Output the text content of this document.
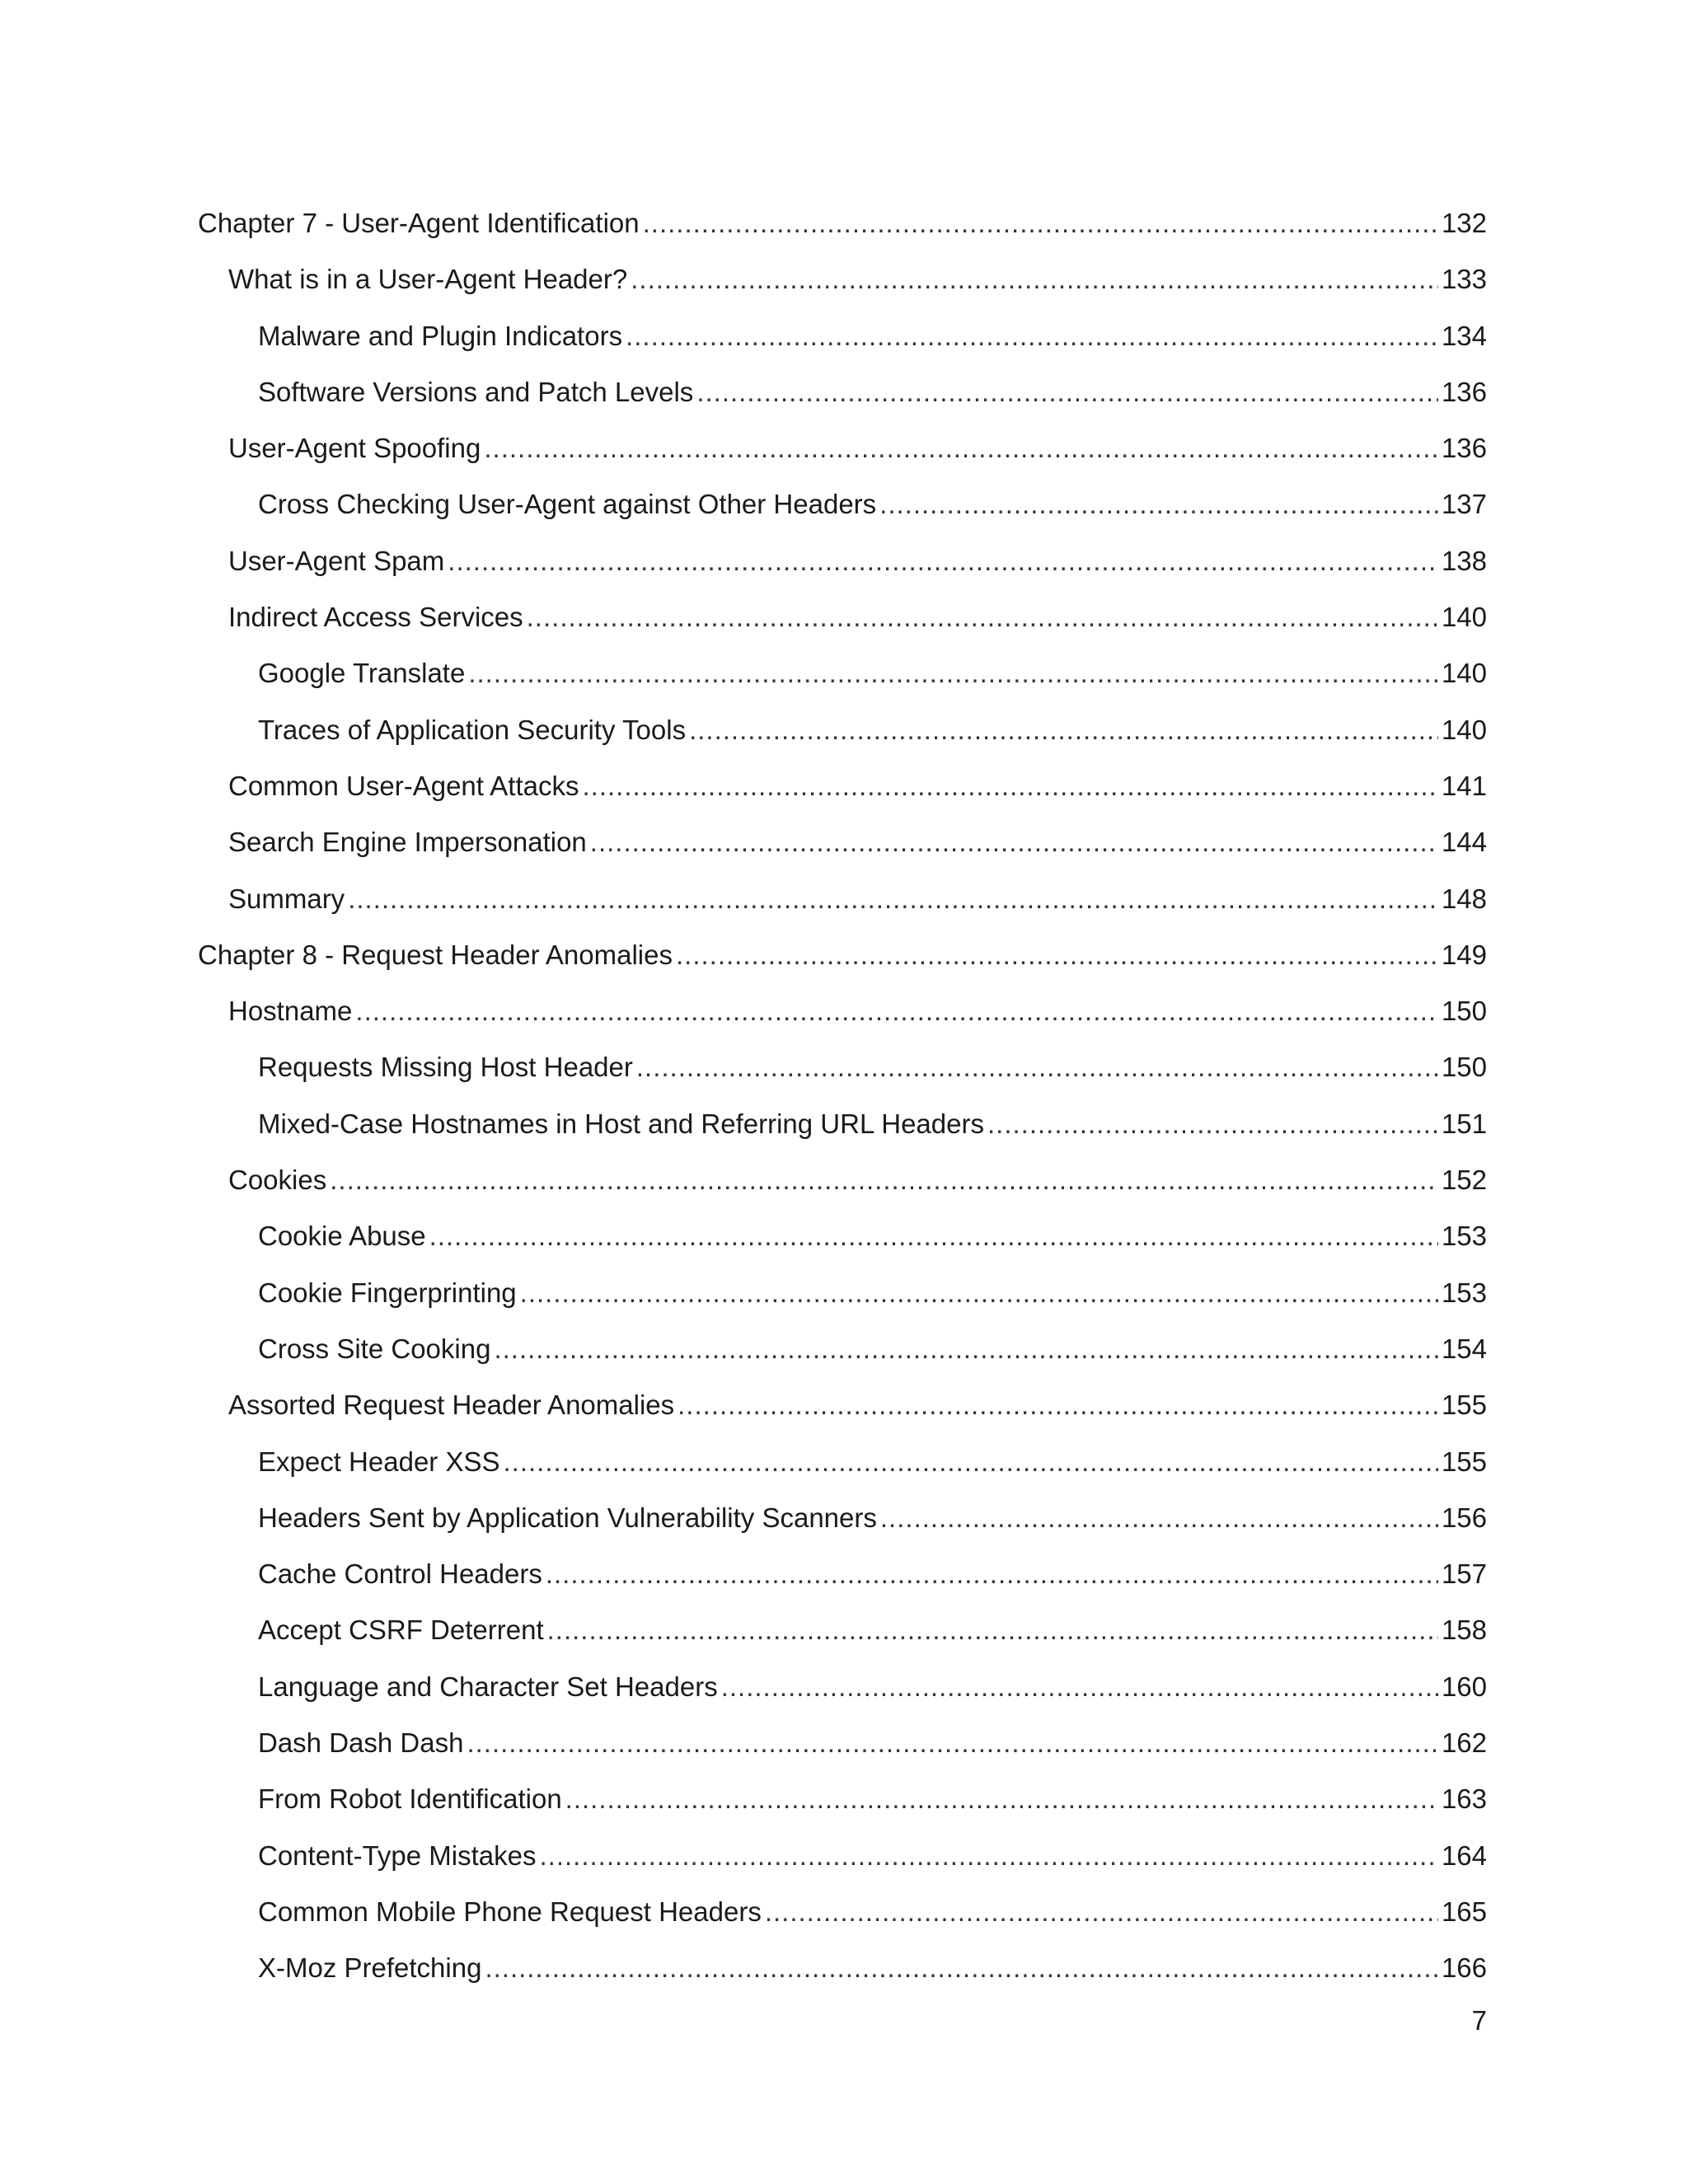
Chapter 7 - User-Agent Identification .....	132
What is in a User-Agent Header? .....	133
Malware and Plugin Indicators .....	134
Software Versions and Patch Levels .....	136
User-Agent Spoofing .....	136
Cross Checking User-Agent against Other Headers .....	137
User-Agent Spam .....	138
Indirect Access Services .....	140
Google Translate .....	140
Traces of Application Security Tools .....	140
Common User-Agent Attacks .....	141
Search Engine Impersonation .....	144
Summary .....	148
Chapter 8 - Request Header Anomalies .....	149
Hostname .....	150
Requests Missing Host Header .....	150
Mixed-Case Hostnames in Host and Referring URL Headers .....	151
Cookies .....	152
Cookie Abuse .....	153
Cookie Fingerprinting .....	153
Cross Site Cooking .....	154
Assorted Request Header Anomalies .....	155
Expect Header XSS .....	155
Headers Sent by Application Vulnerability Scanners .....	156
Cache Control Headers .....	157
Accept CSRF Deterrent .....	158
Language and Character Set Headers .....	160
Dash Dash Dash .....	162
From Robot Identification .....	163
Content-Type Mistakes .....	164
Common Mobile Phone Request Headers .....	165
X-Moz Prefetching .....	166
7
